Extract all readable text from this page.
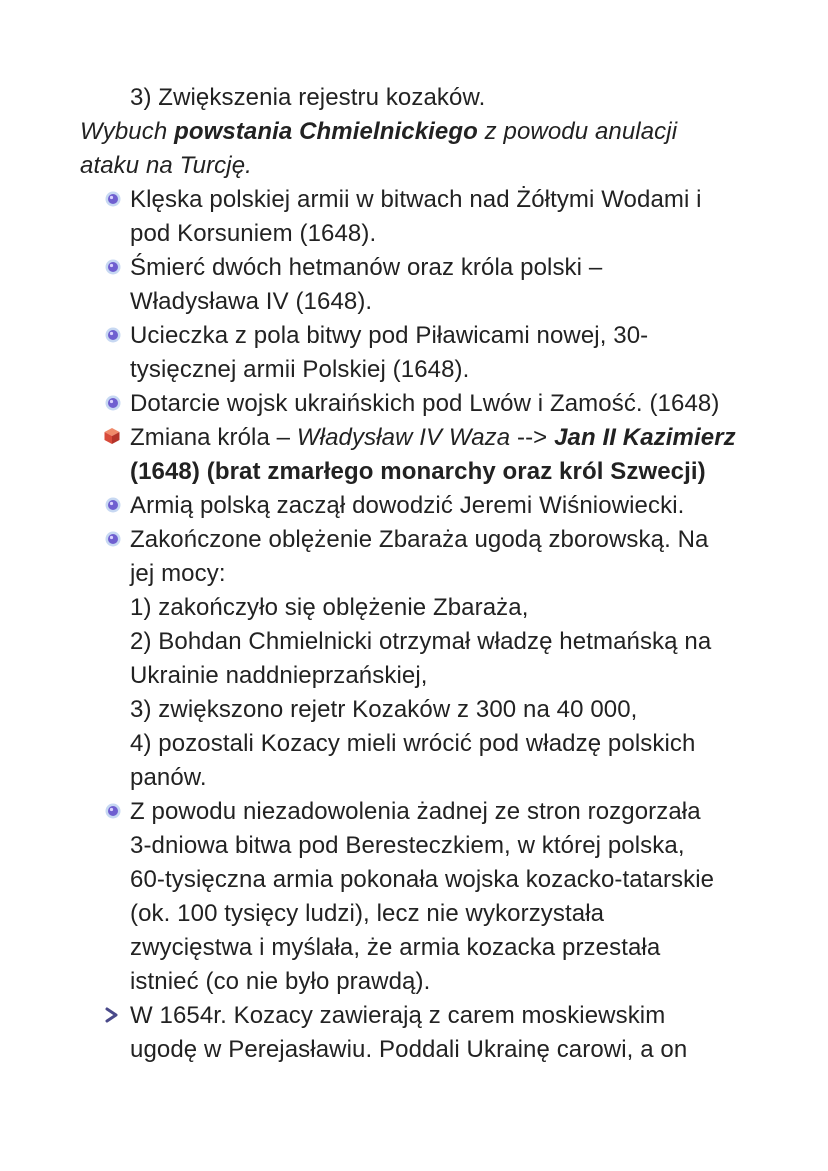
3) Zwiększenia rejestru kozaków.
Wybuch powstania Chmielnickiego z powodu anulacji
ataku na Turcję.
Klęska polskiej armii w bitwach nad Żółtymi Wodami i
pod Korsuniem (1648).
Śmierć dwóch hetmanów oraz króla polski –
Władysława IV (1648).
Ucieczka z pola bitwy pod Piławicami nowej, 30-
tysięcznej armii Polskiej (1648).
Dotarcie wojsk ukraińskich pod Lwów i Zamość. (1648)
Zmiana króla – Władysław IV Waza --> Jan II Kazimierz
(1648) (brat zmarłego monarchy oraz król Szwecji)
Armią polską zaczął dowodzić Jeremi Wiśniowiecki.
Zakończone oblężenie Zbaraża ugodą zborowską. Na
jej mocy:
1) zakończyło się oblężenie Zbaraża,
2) Bohdan Chmielnicki otrzymał władzę hetmańską na
Ukrainie naddnieprzańskiej,
3) zwiększono rejetr Kozaków z 300 na 40 000,
4) pozostali Kozacy mieli wrócić pod władzę polskich
panów.
Z powodu niezadowolenia żadnej ze stron rozgorzała
3-dniowa bitwa pod Beresteczkiem, w której polska,
60-tysięczna armia pokonała wojska kozacko-tatarskie
(ok. 100 tysięcy ludzi), lecz nie wykorzystała
zwycięstwa i myślała, że armia kozacka przestała
istnieć (co nie było prawdą).
W 1654r. Kozacy zawierają z carem moskiewskim
ugodę w Perejasławiu. Poddali Ukrainę carowi, a on
